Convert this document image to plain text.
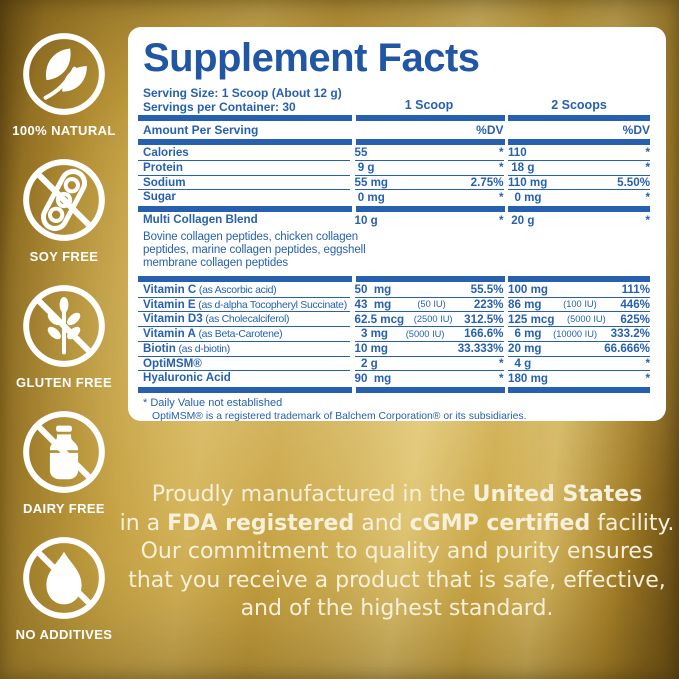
100% NATURAL
SOY FREE
GLUTEN FREE
DAIRY FREE
NO ADDITIVES
Supplement Facts
Serving Size: 1 Scoop (About 12 g)
Servings per Container: 30	1 Scoop	2 Scoops
Amount Per Serving	%DV	%DV
Calories	55	* 110	*
Protein	9 g	* 18 g	*
Sodium	55 mg	2.75% 110 mg	5.50%
Sugar	0 mg	* 0 mg	*
Multi Collagen Blend	10 g	* 20 g	*
Bovine collagen peptides, chicken collagen peptides, marine collagen peptides, eggshell membrane collagen peptides
Vitamin C (as Ascorbic acid)	50  mg	55.5% 100 mg	111%
Vitamin E (as d-alpha Tocopheryl Succinate) 43  mg	(50 IU)	223% 86 mg	(100 IU)	446%
Vitamin D3 (as Cholecalciferol)	62.5 mcg	(2500 IU)	312.5% 125 mcg	(5000 IU)	625%
Vitamin A (as Beta-Carotene)	3 mg	(5000 IU)	166.6% 6 mg	(10000 IU)	333.2%
Biotin (as d-biotin)	10 mg	33.333% 20 mg	66.666%
OptiMSM®	2 g	* 4 g	*
Hyaluronic Acid	90  mg	* 180 mg	*
* Daily Value not established
OptiMSM® is a registered trademark of Balchem Corporation® or its subsidiaries.
Proudly manufactured in the United States
in a FDA registered and cGMP certified facility.
Our commitment to quality and purity ensures
that you receive a product that is safe, effective,
and of the highest standard.
